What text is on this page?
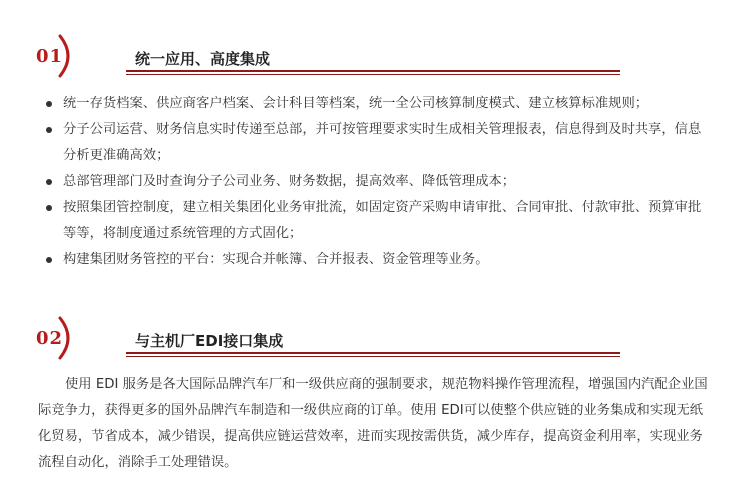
01	统一应用、高度集成
统一存货档案、供应商客户档案、会计科目等档案，统一全公司核算制度模式、建立核算标准规则；
分子公司运营、财务信息实时传递至总部，并可按管理要求实时生成相关管理报表，信息得到及时共享，信息分析更准确高效；
总部管理部门及时查询分子公司业务、财务数据，提高效率、降低管理成本；
按照集团管控制度，建立相关集团化业务审批流，如固定资产采购申请审批、合同审批、付款审批、预算审批等等，将制度通过系统管理的方式固化；
构建集团财务管控的平台：实现合并帐簿、合并报表、资金管理等业务。
02	与主机厂EDI接口集成

使用 EDI 服务是各大国际品牌汽车厂和一级供应商的强制要求，规范物料操作管理流程，增强国内汽配企业国际竞争力，获得更多的国外品牌汽车制造和一级供应商的订单。使用 EDI可以使整个供应链的业务集成和实现无纸化贸易，节省成本，减少错误，提高供应链运营效率，进而实现按需供货，减少库存，提高资金利用率，实现业务流程自动化，消除手工处理错误。
